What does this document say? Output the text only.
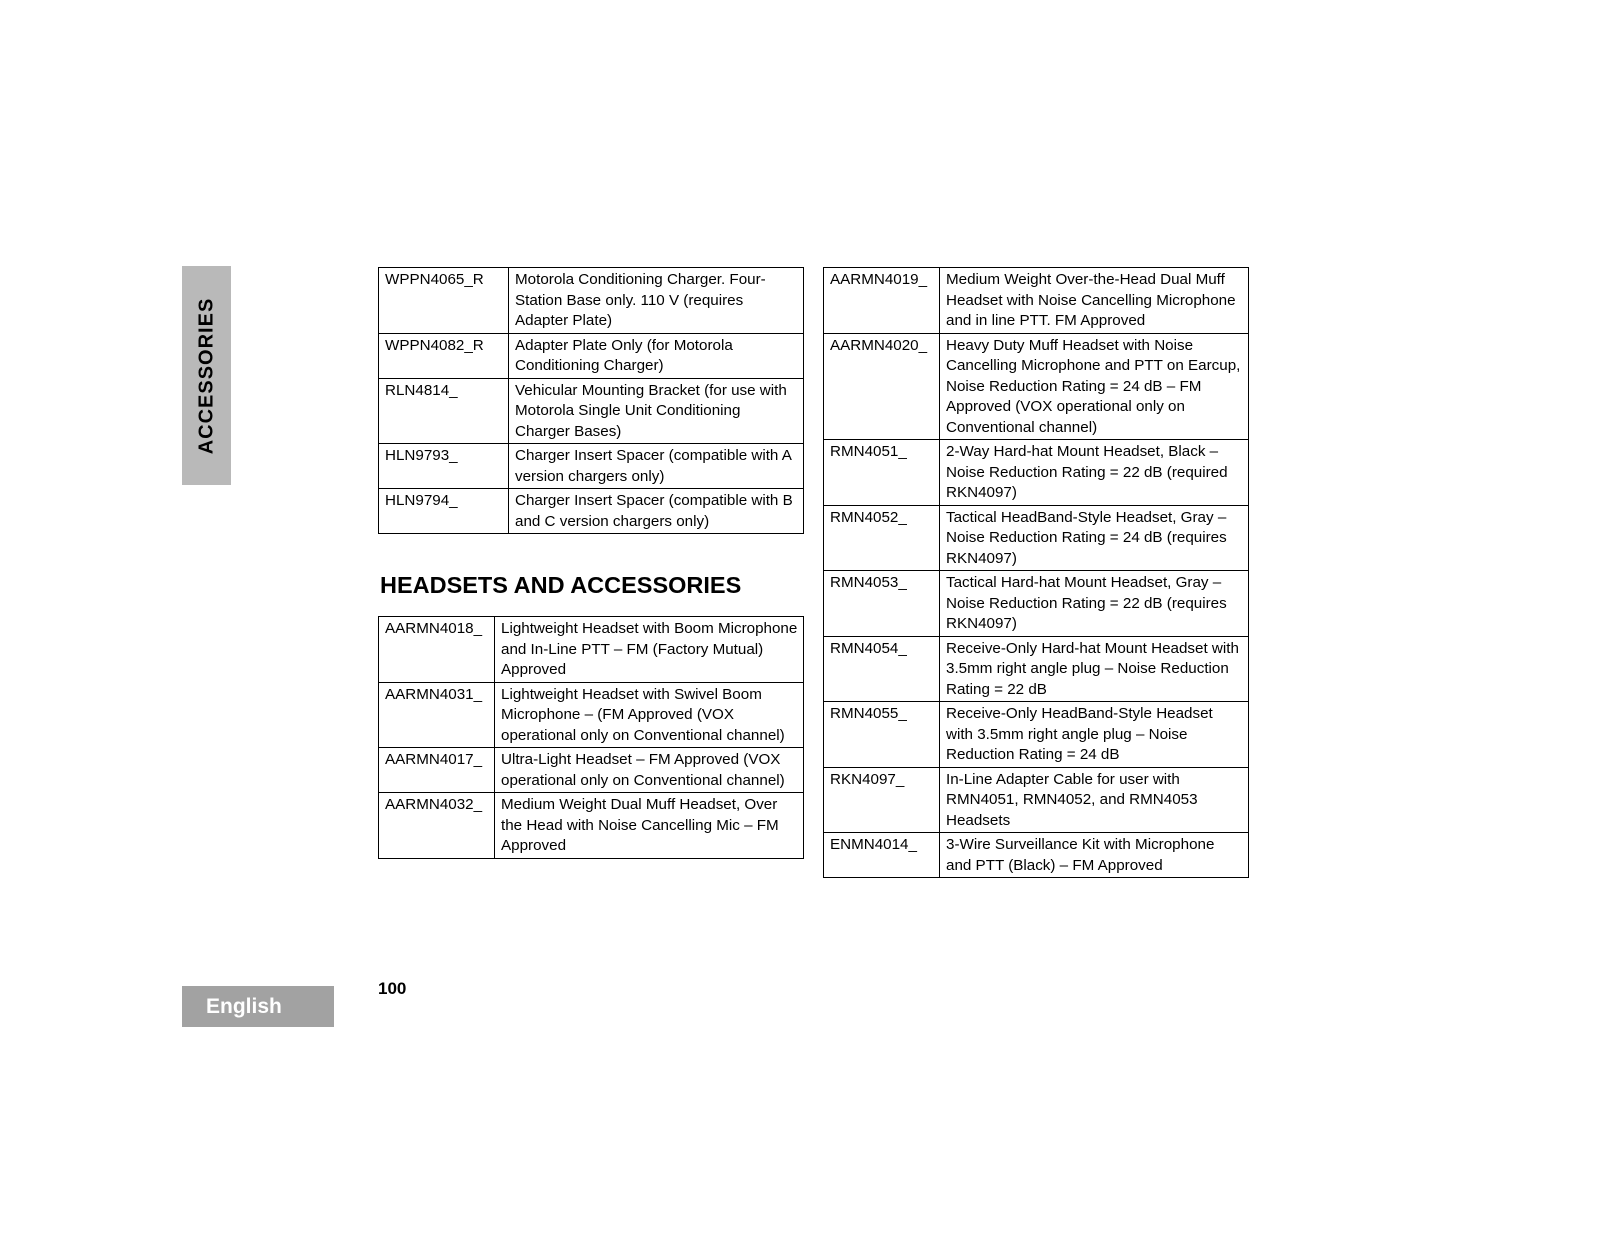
ACCESSORIES
WPPN4065_R	Motorola Conditioning Charger. Four-Station Base only. 110 V (requires Adapter Plate)
WPPN4082_R	Adapter Plate Only (for Motorola Conditioning Charger)
RLN4814_	Vehicular Mounting Bracket (for use with Motorola Single Unit Conditioning Charger Bases)
HLN9793_	Charger Insert Spacer (compatible with A version chargers only)
HLN9794_	Charger Insert Spacer (compatible with B and C version chargers only)
HEADSETS AND ACCESSORIES
AARMN4018_	Lightweight Headset with Boom Microphone and In-Line PTT – FM (Factory Mutual) Approved
AARMN4031_	Lightweight Headset with Swivel Boom Microphone – (FM Approved (VOX operational only on Conventional channel)
AARMN4017_	Ultra-Light Headset – FM Approved (VOX operational only on Conventional channel)
AARMN4032_	Medium Weight Dual Muff Headset, Over the Head with Noise Cancelling Mic – FM Approved
AARMN4019_	Medium Weight Over-the-Head Dual Muff Headset with Noise Cancelling Microphone and in line PTT. FM Approved
AARMN4020_	Heavy Duty Muff Headset with Noise Cancelling Microphone and PTT on Earcup, Noise Reduction Rating = 24 dB – FM Approved (VOX operational only on Conventional channel)
RMN4051_	2-Way Hard-hat Mount Headset, Black – Noise Reduction Rating = 22 dB (required RKN4097)
RMN4052_	Tactical HeadBand-Style Headset, Gray – Noise Reduction Rating = 24 dB (requires RKN4097)
RMN4053_	Tactical Hard-hat Mount Headset, Gray – Noise Reduction Rating = 22 dB (requires RKN4097)
RMN4054_	Receive-Only Hard-hat Mount Headset with 3.5mm right angle plug – Noise Reduction Rating = 22 dB
RMN4055_	Receive-Only HeadBand-Style Headset with 3.5mm right angle plug – Noise Reduction Rating = 24 dB
RKN4097_	In-Line Adapter Cable for user with RMN4051, RMN4052, and RMN4053 Headsets
ENMN4014_	3-Wire Surveillance Kit with Microphone and PTT (Black) – FM Approved
English
100
